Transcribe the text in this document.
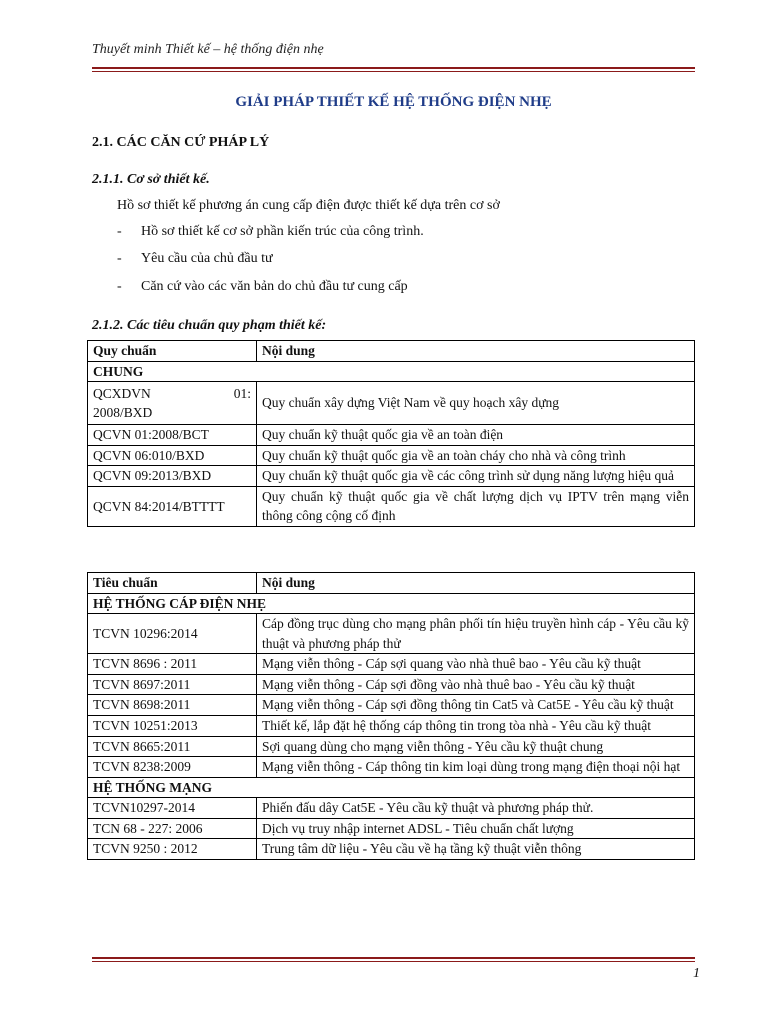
Thuyết minh Thiết kế – hệ thống điện nhẹ
GIẢI PHÁP THIẾT KẾ HỆ THỐNG ĐIỆN NHẸ
2.1. CÁC CĂN CỨ PHÁP LÝ
2.1.1. Cơ sở thiết kế.
Hồ sơ thiết kế phương án cung cấp điện được thiết kế dựa trên cơ sở
- Hồ sơ thiết kế cơ sở phần kiến trúc của công trình.
- Yêu cầu của chủ đầu tư
- Căn cứ vào các văn bản do chủ đầu tư cung cấp
2.1.2. Các tiêu chuẩn quy phạm thiết kế:
Quy chuẩn	Nội dung
CHUNG	

QCXDVN 01:
2008/BXD	Quy chuẩn xây dựng Việt Nam về quy hoạch xây dựng
QCVN 01:2008/BCT	Quy chuẩn kỹ thuật quốc gia về an toàn điện
QCVN 06:010/BXD	Quy chuẩn kỹ thuật quốc gia về an toàn cháy cho nhà và công trình
QCVN 09:2013/BXD	Quy chuẩn kỹ thuật quốc gia về các công trình sử dụng năng lượng hiệu quả
QCVN 84:2014/BTTTT	Quy chuẩn kỹ thuật quốc gia về chất lượng dịch vụ IPTV trên mạng viễn thông công cộng cố định
Tiêu chuẩn	Nội dung
HỆ THỐNG CÁP ĐIỆN NHẸ	
TCVN 10296:2014	Cáp đồng trục dùng cho mạng phân phối tín hiệu truyền hình cáp - Yêu cầu kỹ thuật và phương pháp thử
TCVN 8696 : 2011	Mạng viễn thông - Cáp sợi quang vào nhà thuê bao - Yêu cầu kỹ thuật
TCVN 8697:2011	Mạng viễn thông - Cáp sợi đồng vào nhà thuê bao - Yêu cầu kỹ thuật
TCVN 8698:2011	Mạng viễn thông - Cáp sợi đồng thông tin Cat5 và Cat5E - Yêu cầu kỹ thuật
TCVN 10251:2013	Thiết kế, lắp đặt hệ thống cáp thông tin trong tòa nhà - Yêu cầu kỹ thuật
TCVN 8665:2011	Sợi quang dùng cho mạng viễn thông - Yêu cầu kỹ thuật chung
TCVN 8238:2009	Mạng viễn thông - Cáp thông tin kim loại dùng trong mạng điện thoại nội hạt
HỆ THỐNG MẠNG	
TCVN10297-2014	Phiến đấu dây Cat5E - Yêu cầu kỹ thuật và phương pháp thử.
TCN 68 - 227: 2006	Dịch vụ truy nhập internet ADSL - Tiêu chuẩn chất lượng
TCVN 9250 : 2012	Trung tâm dữ liệu - Yêu cầu về hạ tầng kỹ thuật viễn thông
1
